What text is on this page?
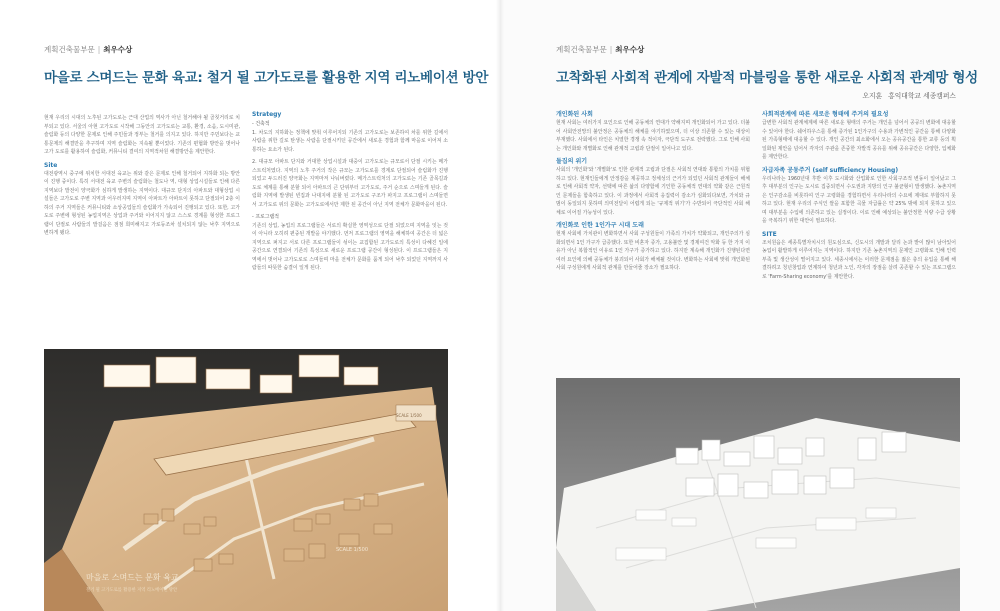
계획건축물부문 | 최우수상
마을로 스며드는 문화 육교: 철거 될 고가도로를 활용한 지역 리노베이션 방안

현재 우리의 시대의 노후된 고가도로는 근대 산업의 역사가 아닌 철거해야 될 골칫거리로 치부되고 있다. 서울의 아현 고가도로 시작해 그동안의 고가도로는 교통, 환경, 소음, 도시미관, 슬럼화 등의 다양한 문제로 인해 주민들과 정부는 철거를 의지고 있다. 하지만 주민보다는 교통문제의 해결만을 추구하며 지역 슬럼화는 지속될 뿐이었다. 기존의 편협화 방안을 벗어나 고가 도로를 활용하여 슬럼화, 커뮤니티 결여의 지역적차원 해결방안을 제안한다.

Site

대전광역시 중구에 위치한 서대전 육교는 위와 같은 문제로 인해 철거되어 지하화 되는 방안이 진행 중이다. 특히 서대전 육교 주변의 슬럼화는 철도나 역, 대형 상업시설들로 인해 다른 지역보다 발전이 양극화가 심하게 발생하는 지역이다. 대규모 단지의 아파트와 대형상업 시설들은 고가도로 주변 지역과 어우러지며 지역이 아파트가 아파트이 못하고 단절되어 2층 이하의 주거 지역들은 커뮤니티와 소상공업들의 슬럼화가 가속되어 진행되고 있다. 또한, 고가도로 주변에 형성된 농업지역은 상업과 주거와 이어지지 않고 스스로 경계를 형성한 프로그램이 단절로 사람들의 발걸음은 점점 희미해지고 가로등조차 설치되지 않는 낙후 지역으로 변하게 됐다.

Strategy
- 건축적

1. 차도의 지하화는 정책에 맞춰 이루어지되 기존의 고가도로는 보존하여 차를 위한 길에서 사람을 위한 길로 탄생는 사람을 단절시키던 공간에서 새로운 경험과 함께 마을로 이어져 소통하는 요소가 된다.

2. 대규모 아파트 단지와 거대한 상업시설과 대중이 고가도로는 규모로서 단절 시키는 메가스트럭처였다. 지역의 노후 주거의 작은 규모는 고가도로를 경계로 단절되어 슬럼화가 진행되었고 두드러진 양극화는 지역마저 나눠버렸다. 메가스트럭처의 고가도로는 기존 골목길과 도로 체계를 통해 분할 되어 아파트의 큰 단위부터 고가도로, 주거 순으로 스며들게 된다. 슬럼화 지역에 발생된 빈집과 나대지에 분할 된 고가도로 구조가 파지고 프로그램이 스며들면서 고가도로 위의 문화는 고가도로에서만 제한 된 공간이 아닌 지역 전체가 문화마을이 된다.

- 프로그램적

기존의 상업, 농업의 프로그램들은 서로의 확실한 영역성으로 단절 되었으며 지역을 잇는 것이 아니라 오히려 편중된 개발을 야기했다. 먼저 프로그램의 영역을 해체하여 공간은 더 넓은 지역으로 퍼지고 서로 다른 프로그램들이 섞이는 교집합된 고가도로의 특성이 다혜진 일에 공간으로 연결되어 기존의 특성으로 새로운 프로그램 공간이 형성된다. 이 프로그램들은 지역에서 벗어나 고가도로로 스며들며 마을 전체가 문화를 품게 되어 낙후 되었던 지역까지 사람들의 따뜻한 숨결이 일게 된다.

SCALE 1/500
SCALE 1/500
마을로 스며드는 문화 육교
철거 될 고가도로를 활용한 지역 리노베이션 방안
계획건축물부문 | 최우수상
고착화된 사회적 관계에 자발적 마블링을 통한 새로운 사회적 관계망 형성
오지훈 홍익대학교 세종캠퍼스
개인화된 사회

현재 사회는 여러가지 요인으로 인해 공동체의 연대가 약해지며 개인화되어 가고 있다. 더불어 사회안전망의 불안정은 공동체의 해체를 야기하였으며, 더 이상 의존할 수 있는 대상이 부재했다. 사회에서 타인은 치열한 경쟁 속 적이자, 극단적 도구로 전락했다. 그로 인해 사회는 개인화와 개별화로 인해 관계적 고립과 단절이 일어나고 있다.

돌집의 위기

사회의 '개인화'와 '개별화'로 인한 관계적 고립과 단절은 사회적 연대와 통합의 가치를 위협하고 있다. 현재인들에게 안정감을 제공하고 정체성의 근거가 되었던 사회적 관계들이 해체로 인해 사회적 약자, 선택에 따른 삶의 다양함에 기인한 공동체적 연대의 약화 같은 근원적인 문제들을 함축하고 있다. 이 과정에서 사회적 응집력이 감소가 심화되다보면, 가치와 규범이 동일되지 못하며 의미전달이 어렵게 되는 '규제적 위기'가 수반되어 극단적인 사회 해체로 이어질 가능성이 있다.

개인화로 인한 1인가구 시대 도래

현재 사회에 가치관이 변화하면서 사회 구성원들이 가족의 가치가 약화되고, 개인주의가 심화되면서 1인 가구가 급증했다. 또한 비혼자 증가, 고용불안 및 경제여건 악화 등 한 가지 이유가 아닌 복합적인 이유로 1인 가구가 증가하고 있다. 하지만 계속해 개인화가 진행된다면 여러 요인에 의해 공동체가 붕괴되어 사회가 해체될 것이다. 변화하는 사회에 맞춰 개인화된 사회 구성원에게 사회적 관계를 만들어줄 장소가 필요하다.

사회적관계에 따른 새로운 형태에 주거의 필요성

급변한 사회적 관계체계에 따른 새로운 형태의 주거는 개인을 넘어서 공공의 변화에 대응할 수 있어야 한다. 쉐어하우스를 통해 증가된 1인가구의 수용과 가변적인 공간을 통해 다양화된 가족형태에 대응할 수 있다. 개인 공간의 최소화에서 오는 공유공간을 통한 교류 등의 획일화된 제안을 넘어서 각자의 주관을 존중한 자발적 공유를 위해 공유공간은 다양한, 입체화를 제안한다.

자급자족 공동주거 (self sufficiency Housing)

우리나라는 1960년대 후반 이후 도시화와 산업화로 인한 사회구조적 변동이 일어났고 그 후 대부분의 인구는 도시로 집중되면서 수도권과 지방의 인구 불균형이 발생했다. 농촌지역은 인구감소를 비롯하여 인구 고령화를 경험하면서 우리나라의 수요에 제대로 부합하지 못하고 있다. 현재 우리의 주식인 쌀을 포함한 곡물 자급률은 약 25% 밖에 되지 못하고 있으며 대부분을 수입에 의존하고 있는 실정이다. 이로 인해 예상되는 불안정한 식량 수급 상황을 극복하기 위한 대안이 필요하다.

SITE

조치원읍은 세종특별자치시의 원도심으로, 신도시의 개발과 달리 논과 밭이 많이 남아있어 농업이 활발하게 이루어지는 지역이다. 하지만 기존 농촌지역의 문제인 고령화로 인해 인력부족 및 생산성이 떨어지고 있다. 세종시에서는 이러한 문제점을 젊은 층의 유입을 통해 해결하려고 청년창업과 연계하여 청년과 노인, 각자의 장점을 살려 공존할 수 있는 프로그램으로 'Farm-Sharing economy'를 제안한다.
